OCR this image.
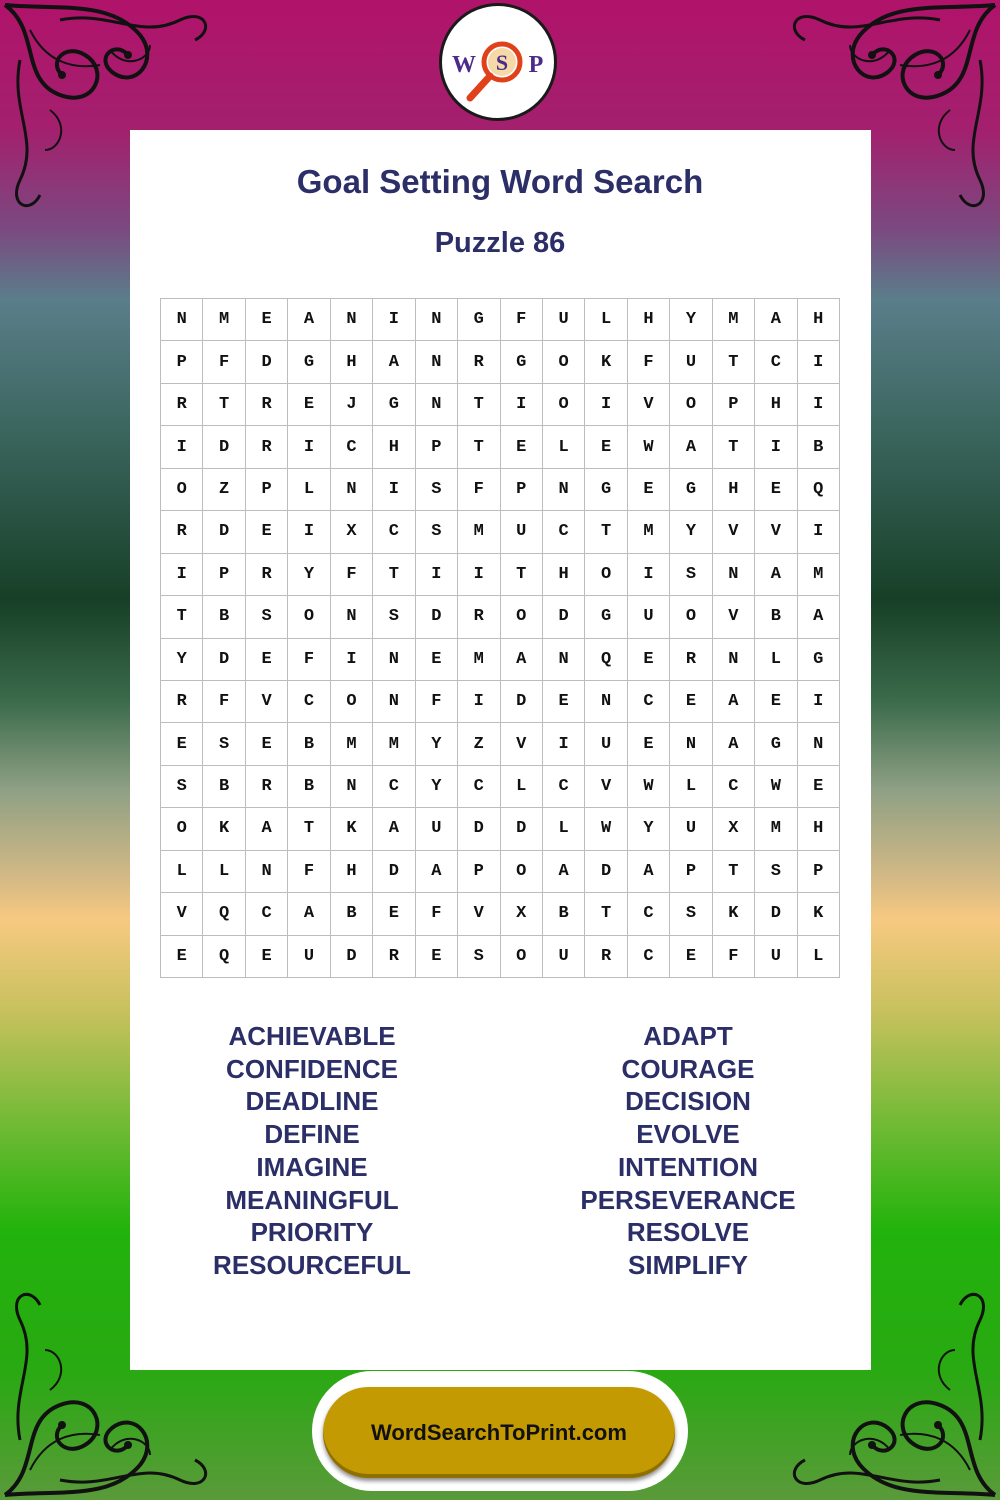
W S P
Goal Setting Word Search
Puzzle 86
N	M	E	A	N	I	N	G	F	U	L	H	Y	M	A	H
P	F	D	G	H	A	N	R	G	O	K	F	U	T	C	I
R	T	R	E	J	G	N	T	I	O	I	V	O	P	H	I
I	D	R	I	C	H	P	T	E	L	E	W	A	T	I	B
O	Z	P	L	N	I	S	F	P	N	G	E	G	H	E	Q
R	D	E	I	X	C	S	M	U	C	T	M	Y	V	V	I
I	P	R	Y	F	T	I	I	T	H	O	I	S	N	A	M
T	B	S	O	N	S	D	R	O	D	G	U	O	V	B	A
Y	D	E	F	I	N	E	M	A	N	Q	E	R	N	L	G
R	F	V	C	O	N	F	I	D	E	N	C	E	A	E	I
E	S	E	B	M	M	Y	Z	V	I	U	E	N	A	G	N
S	B	R	B	N	C	Y	C	L	C	V	W	L	C	W	E
O	K	A	T	K	A	U	D	D	L	W	Y	U	X	M	H
L	L	N	F	H	D	A	P	O	A	D	A	P	T	S	P
V	Q	C	A	B	E	F	V	X	B	T	C	S	K	D	K
E	Q	E	U	D	R	E	S	O	U	R	C	E	F	U	L
ACHIEVABLE
CONFIDENCE
DEADLINE
DEFINE
IMAGINE
MEANINGFUL
PRIORITY
RESOURCEFUL
ADAPT
COURAGE
DECISION
EVOLVE
INTENTION
PERSEVERANCE
RESOLVE
SIMPLIFY
WordSearchToPrint.com
